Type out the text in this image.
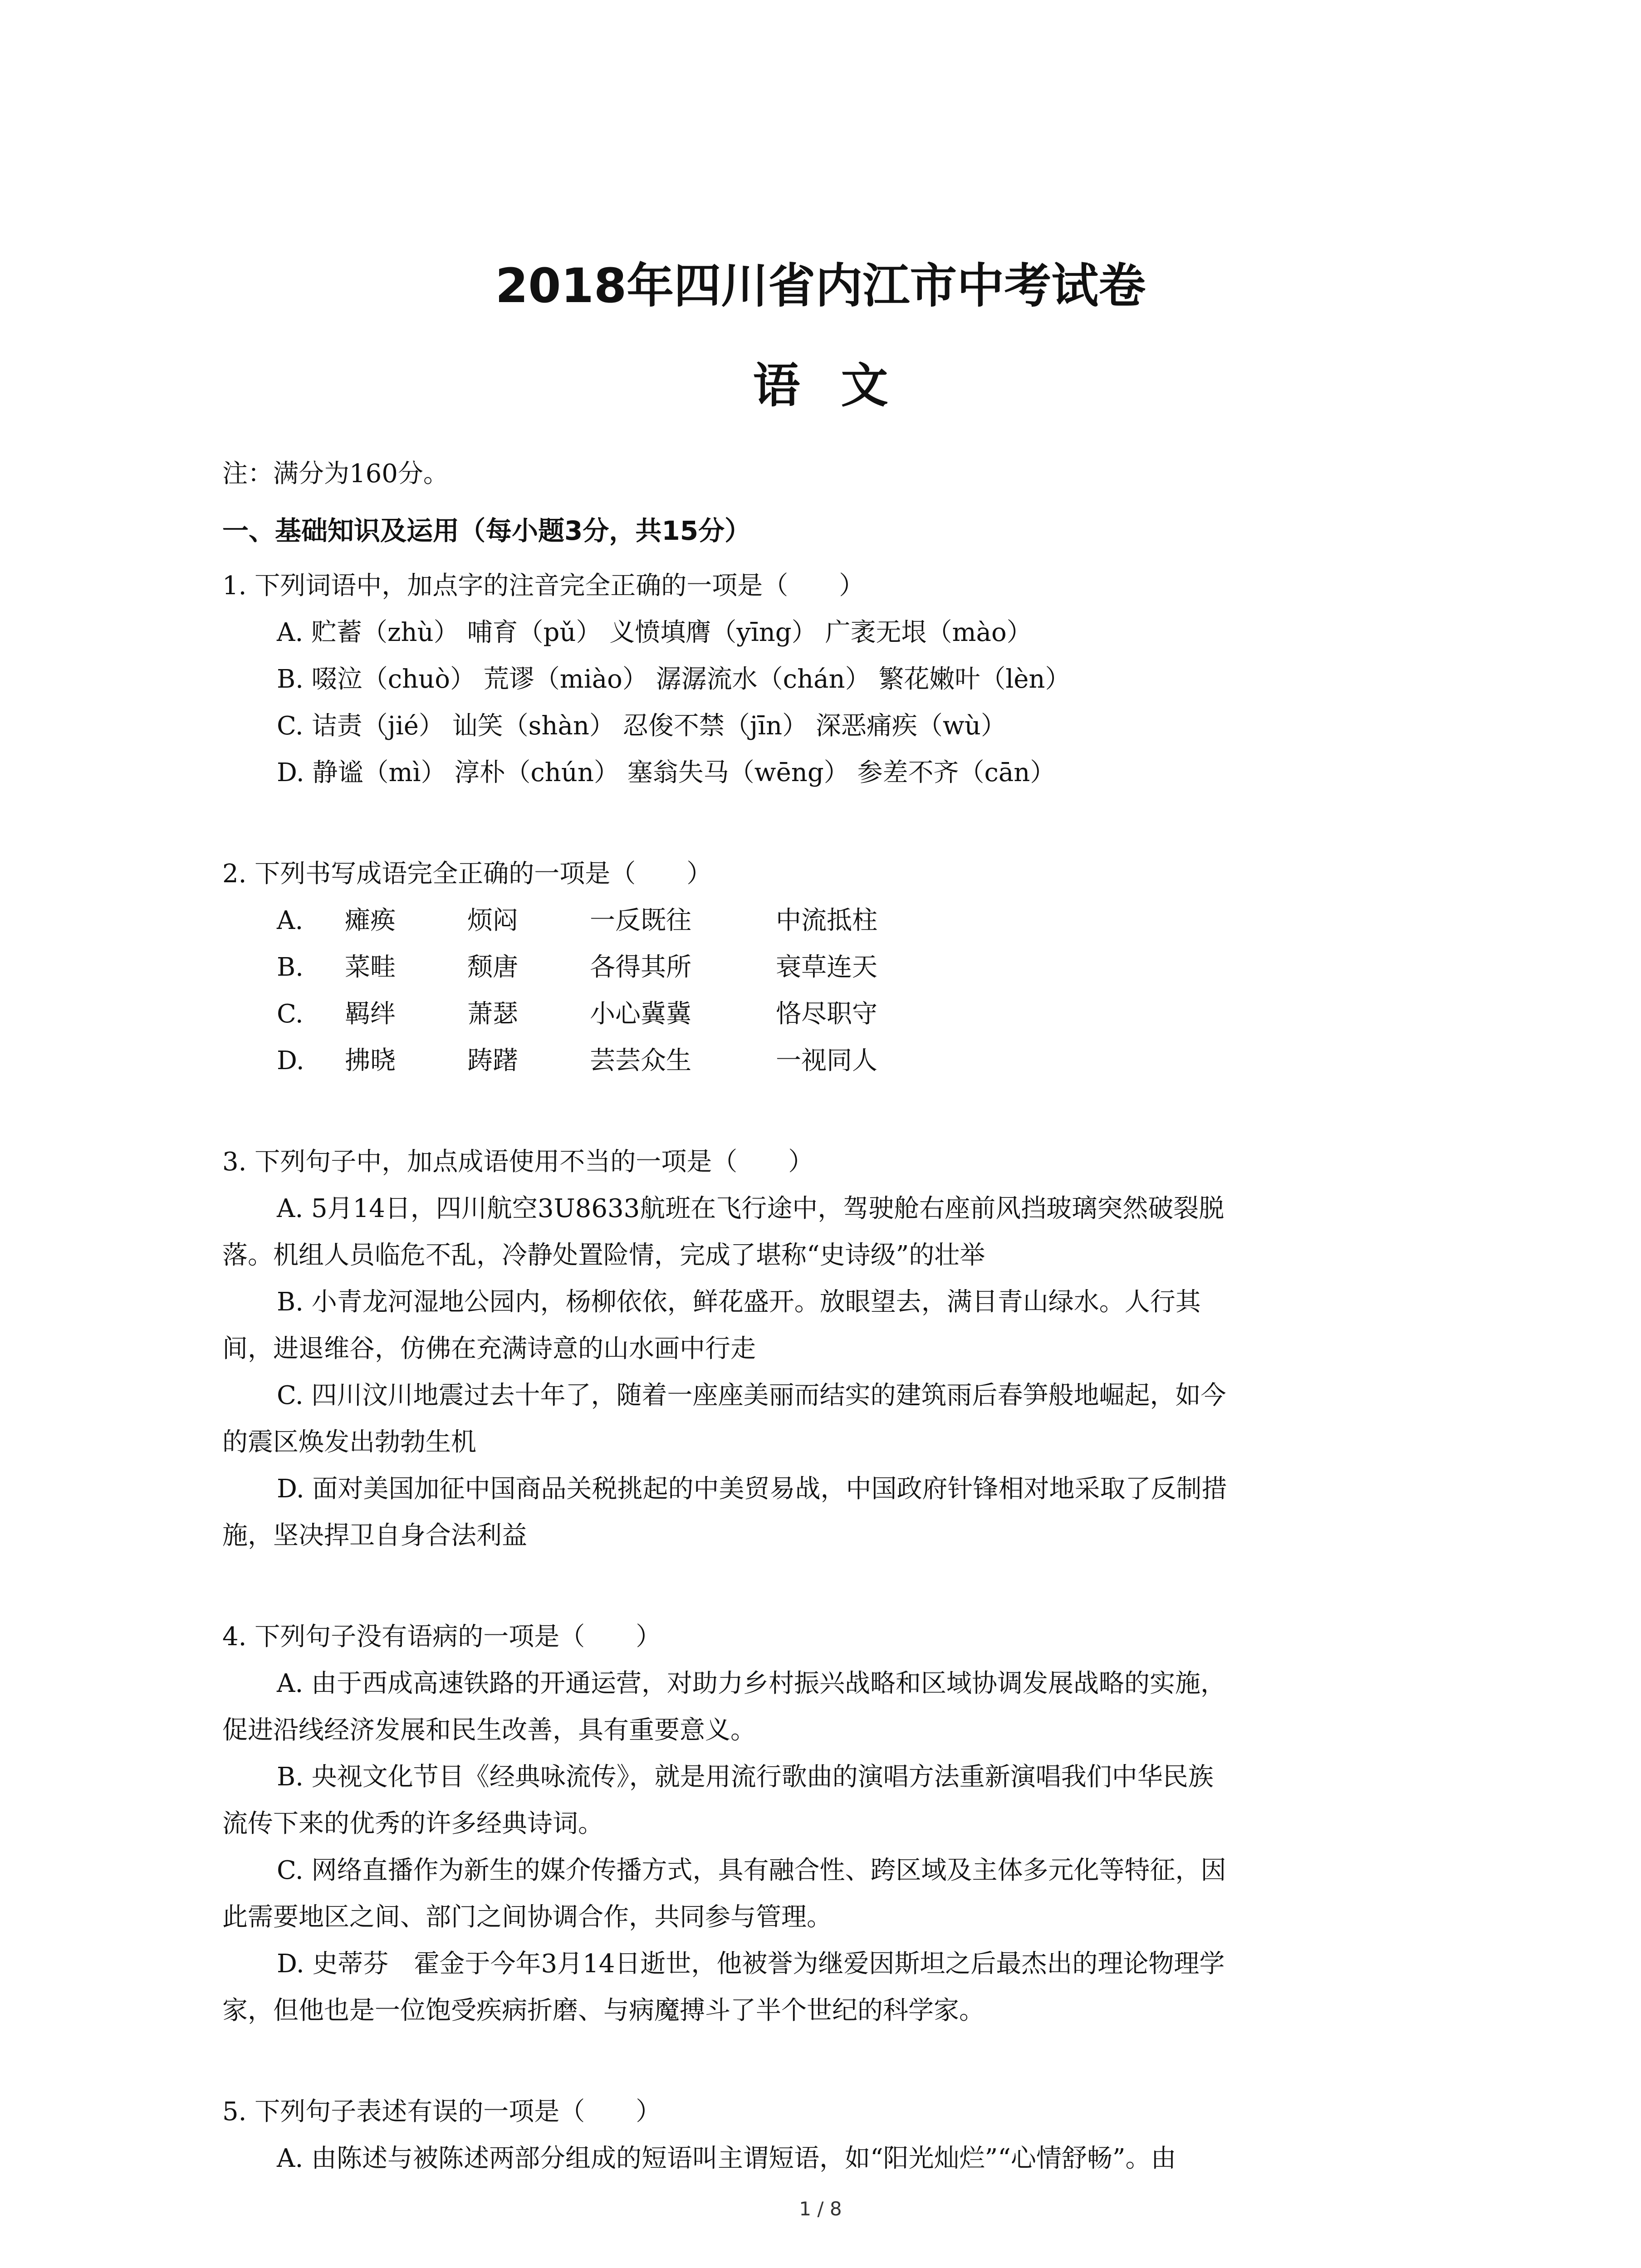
2018年四川省内江市中考试卷
语文
注：满分为160分。
一、基础知识及运用（每小题3分，共15分）
1. 下列词语中，加点字的注音完全正确的一项是（　　）
A. 贮蓄（zhù） 哺育（pǔ） 义愤填膺（yīng） 广袤无垠（mào）
B. 啜泣（chuò） 荒谬（miào） 潺潺流水（chán） 繁花嫩叶（lèn）
C. 诘责（jié） 讪笑（shàn） 忍俊不禁（jīn） 深恶痛疾（wù）
D. 静谧（mì） 淳朴（chún） 塞翁失马（wēng） 参差不齐（cān）
2. 下列书写成语完全正确的一项是（　　）
A.	瘫痪	烦闷	一反既往	中流抵柱
B.	菜畦	颓唐	各得其所	衰草连天
C.	羁绊	萧瑟	小心冀冀	恪尽职守
D.	拂晓	踌躇	芸芸众生	一视同人
3. 下列句子中，加点成语使用不当的一项是（　　）
A. 5月14日，四川航空3U8633航班在飞行途中，驾驶舱右座前风挡玻璃突然破裂脱
落。机组人员临危不乱，冷静处置险情，完成了堪称“史诗级”的壮举
B. 小青龙河湿地公园内，杨柳依依，鲜花盛开。放眼望去，满目青山绿水。人行其
间，进退维谷，仿佛在充满诗意的山水画中行走
C. 四川汶川地震过去十年了，随着一座座美丽而结实的建筑雨后春笋般地崛起，如今
的震区焕发出勃勃生机
D. 面对美国加征中国商品关税挑起的中美贸易战，中国政府针锋相对地采取了反制措
施，坚决捍卫自身合法利益
4. 下列句子没有语病的一项是（　　）
A. 由于西成高速铁路的开通运营，对助力乡村振兴战略和区域协调发展战略的实施，
促进沿线经济发展和民生改善，具有重要意义。
B. 央视文化节目《经典咏流传》，就是用流行歌曲的演唱方法重新演唱我们中华民族
流传下来的优秀的许多经典诗词。
C. 网络直播作为新生的媒介传播方式，具有融合性、跨区域及主体多元化等特征，因
此需要地区之间、部门之间协调合作，共同参与管理。
D. 史蒂芬　霍金于今年3月14日逝世，他被誉为继爱因斯坦之后最杰出的理论物理学
家，但他也是一位饱受疾病折磨、与病魔搏斗了半个世纪的科学家。
5. 下列句子表述有误的一项是（　　）
A. 由陈述与被陈述两部分组成的短语叫主谓短语，如“阳光灿烂”“心情舒畅”。由
1 / 8
